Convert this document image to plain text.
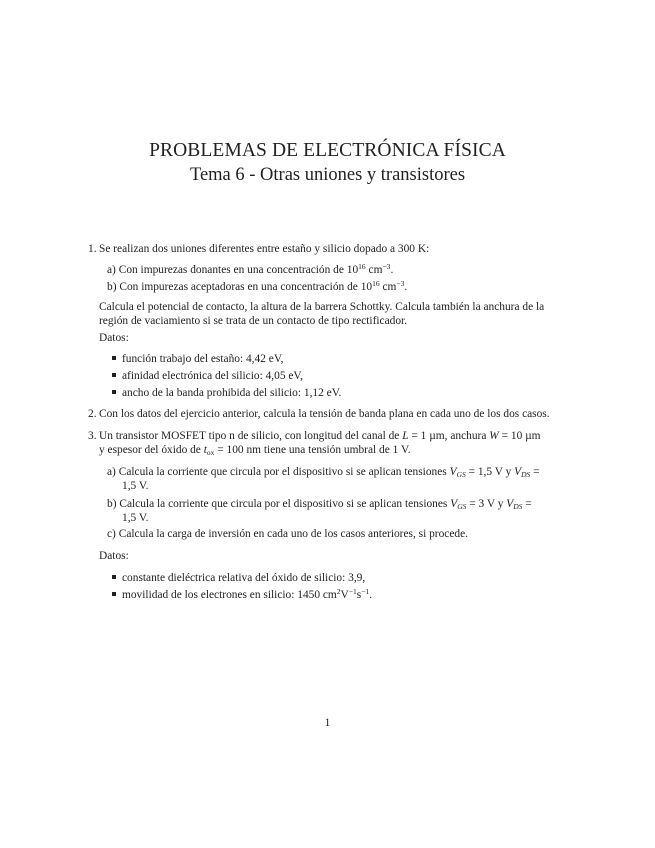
PROBLEMAS DE ELECTRÓNICA FÍSICA
Tema 6 - Otras uniones y transistores
1. Se realizan dos uniones diferentes entre estaño y silicio dopado a 300 K:
a) Con impurezas donantes en una concentración de $10^{16}$ $cm^{-3}$.
b) Con impurezas aceptadoras en una concentración de $10^{16}$ $cm^{-3}$.
Calcula el potencial de contacto, la altura de la barrera Schottky. Calcula también la anchura de la
región de vaciamiento si se trata de un contacto de tipo rectificador.
Datos:
función trabajo del estaño: 4,42 eV,
afinidad electrónica del silicio: 4,05 eV,
ancho de la banda prohibida del silicio: 1,12 eV.
2. Con los datos del ejercicio anterior, calcula la tensión de banda plana en cada uno de los dos casos.
3. Un transistor MOSFET tipo n de silicio, con longitud del canal de L = 1 µm, anchura W = 10 µm
y espesor del óxido de $t_{ox} = 100$ nm tiene una tensión umbral de 1 V.
a) Calcula la corriente que circula por el dispositivo si se aplican tensiones $V_{GS} = 1,5$ V y $V_{DS}$ =
1,5 V.
b) Calcula la corriente que circula por el dispositivo si se aplican tensiones $V_{GS} = 3$ V y $V_{DS}$ =
1,5 V.
c) Calcula la carga de inversión en cada uno de los casos anteriores, si procede.
Datos:
constante dieléctrica relativa del óxido de silicio: 3,9,
movilidad de los electrones en silicio: 1450 $cm^2V^{-1}s^{-1}$.
1
